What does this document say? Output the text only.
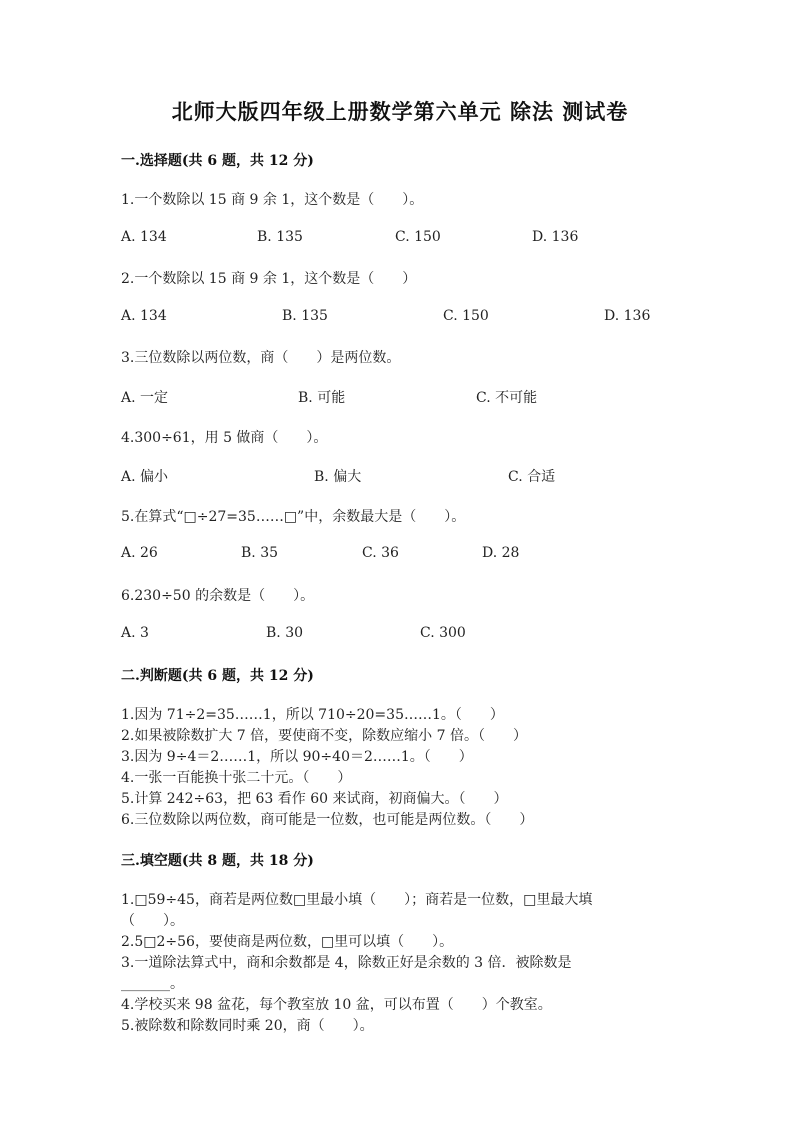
北师大版四年级上册数学第六单元 除法 测试卷
一.选择题(共 6 题，共 12 分)
1.一个数除以 15 商 9 余 1，这个数是（　　）。
A. 134	B. 135	C. 150	D. 136
2.一个数除以 15 商 9 余 1，这个数是（　　）
A. 134	B. 135	C. 150	D. 136
3.三位数除以两位数，商（　　）是两位数。
A. 一定	B. 可能	C. 不可能
4.300÷61，用 5 做商（　　）。
A. 偏小	B. 偏大	C. 合适
5.在算式“□÷27=35……□”中，余数最大是（　　）。
A. 26	B. 35	C. 36	D. 28
6.230÷50 的余数是（　　）。
A. 3	B. 30	C. 300
二.判断题(共 6 题，共 12 分)
1.因为 71÷2=35……1，所以 710÷20=35……1。（　　）
2.如果被除数扩大 7 倍，要使商不变，除数应缩小 7 倍。（　　）
3.因为 9÷4＝2……1，所以 90÷40＝2……1。（　　）
4.一张一百能换十张二十元。（　　）
5.计算 242÷63，把 63 看作 60 来试商，初商偏大。（　　）
6.三位数除以两位数，商可能是一位数，也可能是两位数。（　　）
三.填空题(共 8 题，共 18 分)
1.□59÷45，商若是两位数□里最小填（　　）；商若是一位数，□里最大填
（　　）。
2.5□2÷56，要使商是两位数，□里可以填（　　）。
3.一道除法算式中，商和余数都是 4，除数正好是余数的 3 倍．被除数是
_______。
4.学校买来 98 盆花，每个教室放 10 盆，可以布置（　　）个教室。
5.被除数和除数同时乘 20，商（　　）。
